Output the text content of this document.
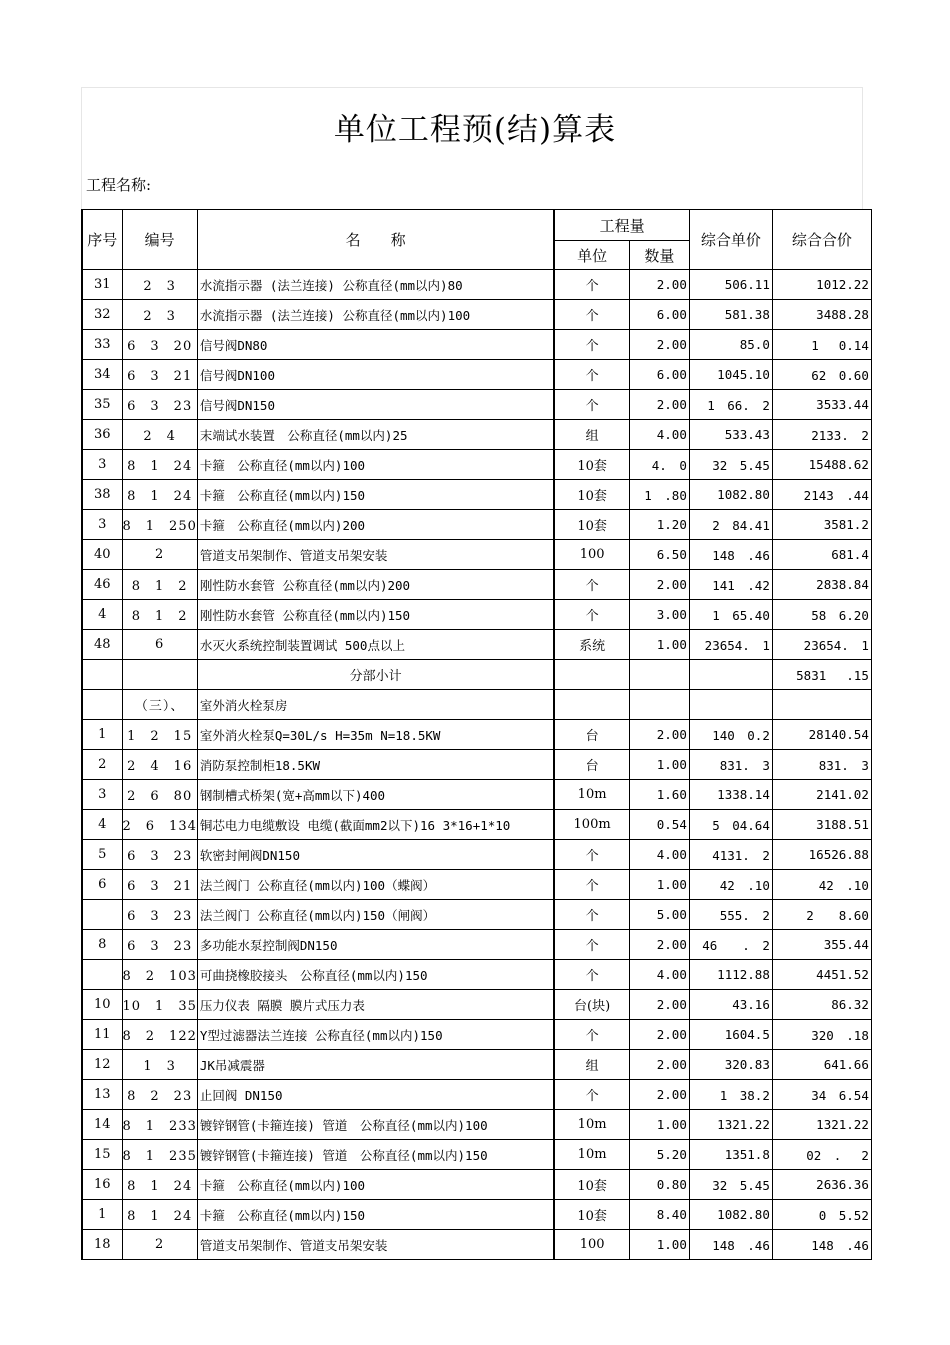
单位工程预(结)算表
工程名称:
序号	编号	名　　称	工程量		综合单价	综合合价
			单位	数量		
31	2　3	水流指示器 (法兰连接) 公称直径(mm以内)80	个	2.00	506.11	1012.22
32	2　3	水流指示器 (法兰连接) 公称直径(mm以内)100	个	6.00	581.38	3488.28
33	6　3　20	信号阀DN80	个	2.00	85.0	1　 0.14
34	6　3　21	信号阀DN100	个	6.00	1045.10	62　0.60
35	6　3　23	信号阀DN150	个	2.00	1　66.　2	3533.44
36	2　4	末端试水装置　公称直径(mm以内)25	组	4.00	533.43	2133.　2
3	8　1　24	卡箍　公称直径(mm以内)100	10套	4.　0	32　5.45	15488.62
38	8　1　24	卡箍　公称直径(mm以内)150	10套	1　.80	1082.80	2143　.44
3	8　1　250	卡箍　公称直径(mm以内)200	10套	1.20	2　84.41	3581.2
40	2	管道支吊架制作、管道支吊架安装	100	6.50	148　.46	681.4
46	8　1　2	刚性防水套管 公称直径(mm以内)200	个	2.00	141　.42	2838.84
4	8　1　2	刚性防水套管 公称直径(mm以内)150	个	3.00	1　65.40	58　6.20
48	6	水灭火系统控制装置调试 500点以上	系统	1.00	23654.　1	23654.　1
		分部小计				5831　 .15
	（三）、	室外消火栓泵房				
1	1　2　15	室外消火栓泵Q=30L/s H=35m N=18.5KW	台	2.00	140　0.2	28140.54
2	2　4　16	消防泵控制柜18.5KW	台	1.00	831.　3	831.　3
3	2　6　80	钢制槽式桥架(宽+高mm以下)400	10m	1.60	1338.14	2141.02
4	2　6　134	铜芯电力电缆敷设 电缆(截面mm2以下)16 3*16+1*10	100m	0.54	5　04.64	3188.51
5	6　3　23	软密封闸阀DN150	个	4.00	4131.　2	16526.88
6	6　3　21	法兰阀门 公称直径(mm以内)100（蝶阀）	个	1.00	42　.10	42　.10
	6　3　23	法兰阀门 公称直径(mm以内)150（闸阀）	个	5.00	555.　2	2　　8.60
8	6　3　23	多功能水泵控制阀DN150	个	2.00	46　　.　2	355.44
	8　2　103	可曲挠橡胶接头　公称直径(mm以内)150	个	4.00	1112.88	4451.52
10	10　1　35	压力仪表 隔膜 膜片式压力表	台(块)	2.00	43.16	86.32
11	8　2　122	Y型过滤器法兰连接 公称直径(mm以内)150	个	2.00	1604.5	320　.18
12	1　3	JK吊减震器	组	2.00	320.83	641.66
13	8　2　23	止回阀 DN150	个	2.00	1　38.2	34　6.54
14	8　1　233	镀锌钢管(卡箍连接) 管道　公称直径(mm以内)100	10m	1.00	1321.22	1321.22
15	8　1　235	镀锌钢管(卡箍连接) 管道　公称直径(mm以内)150	10m	5.20	1351.8	02　.　 2
16	8　1　24	卡箍　公称直径(mm以内)100	10套	0.80	32　5.45	2636.36
1	8　1　24	卡箍　公称直径(mm以内)150	10套	8.40	1082.80	0　5.52
18	2	管道支吊架制作、管道支吊架安装	100	1.00	148　.46	148　.46
